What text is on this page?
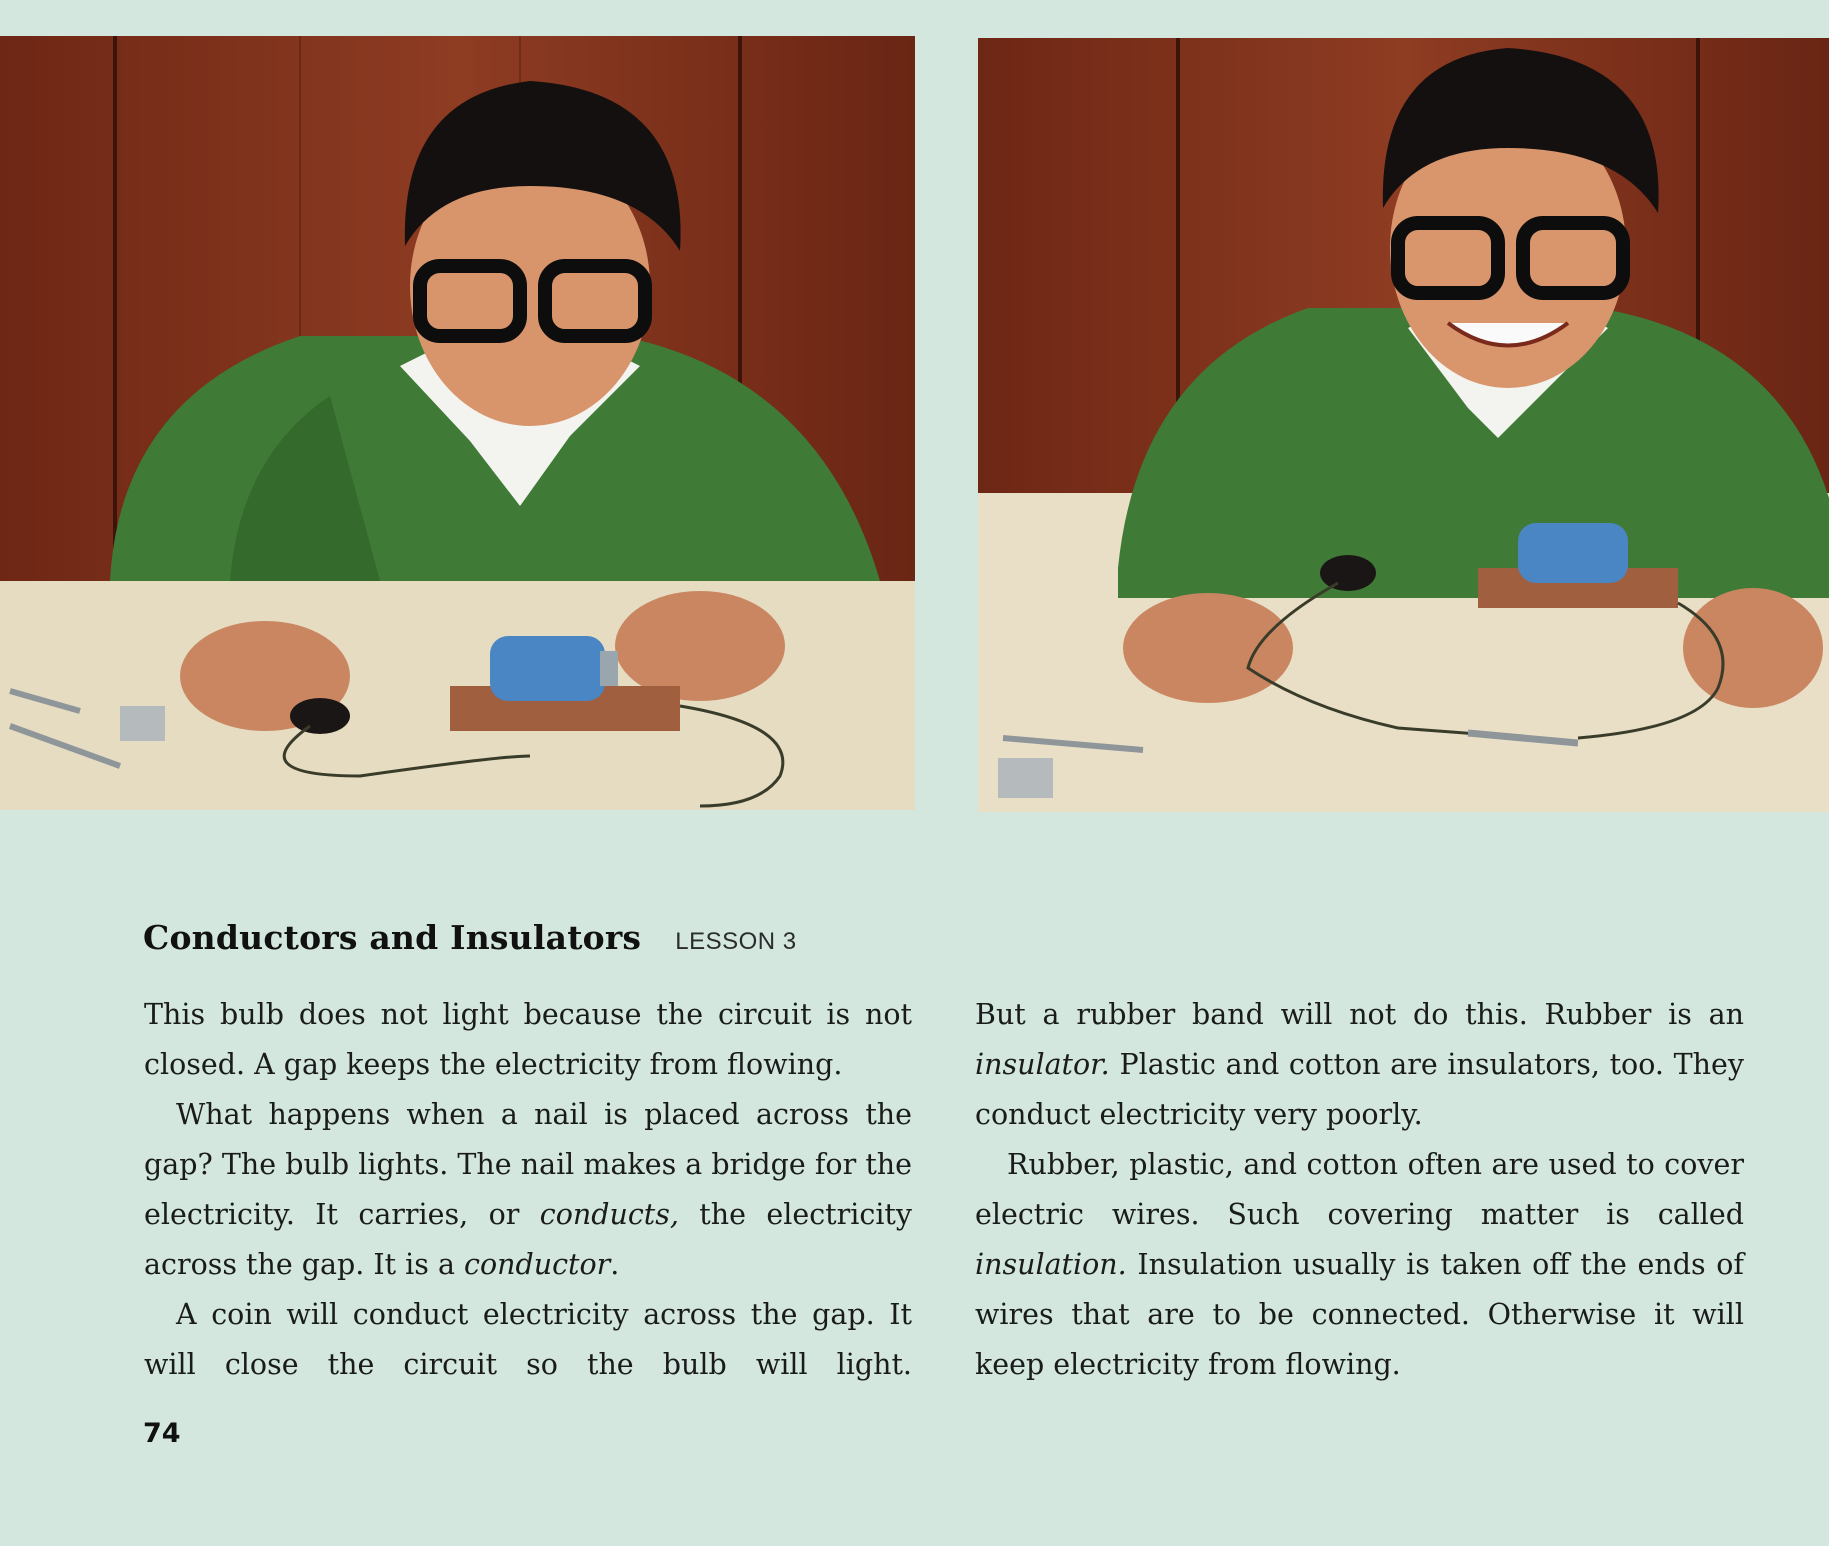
Conductors and Insulators LESSON 3

This bulb does not light because the circuit is not closed. A gap keeps the electricity from flowing.

What happens when a nail is placed across the gap? The bulb lights. The nail makes a bridge for the electricity. It carries, or conducts, the electricity across the gap. It is a conductor.

A coin will conduct electricity across the gap. It will close the circuit so the bulb will light.

But a rubber band will not do this. Rubber is an insulator. Plastic and cotton are insulators, too. They conduct electricity very poorly.

Rubber, plastic, and cotton often are used to cover electric wires. Such covering matter is called insulation. Insulation usually is taken off the ends of wires that are to be connected. Otherwise it will keep electricity from flowing.

74
